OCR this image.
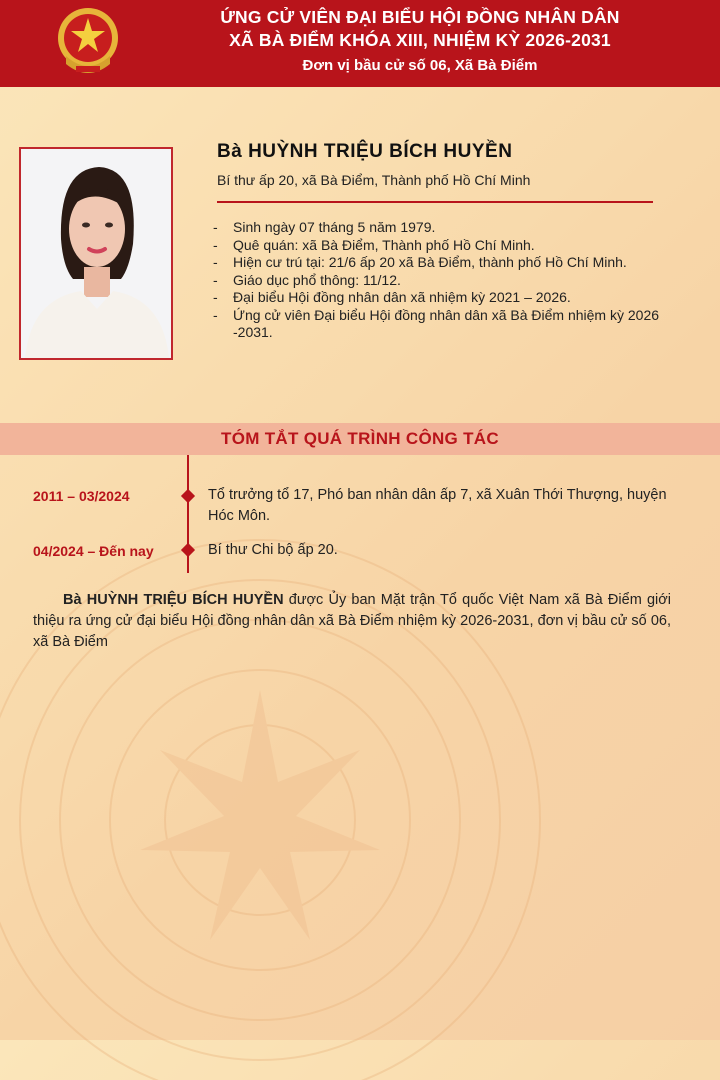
ỨNG CỬ VIÊN ĐẠI BIỂU HỘI ĐỒNG NHÂN DÂN
XÃ BÀ ĐIỂM KHÓA XIII, NHIỆM KỲ 2026-2031
Đơn vị bầu cử số 06, Xã Bà Điểm
Bà HUỲNH TRIỆU BÍCH HUYỀN
Bí thư ấp 20, xã Bà Điểm, Thành phố Hồ Chí Minh
- Sinh ngày 07 tháng 5 năm 1979.
- Quê quán: xã Bà Điểm, Thành phố Hồ Chí Minh.
- Hiện cư trú tại: 21/6 ấp 20 xã Bà Điểm, thành phố Hồ Chí Minh.
- Giáo dục phổ thông: 11/12.
- Đại biểu Hội đồng nhân dân xã nhiệm kỳ 2021 – 2026.
- Ứng cử viên Đại biểu Hội đồng nhân dân xã Bà Điểm nhiệm kỳ 2026 -2031.
TÓM TẮT QUÁ TRÌNH CÔNG TÁC
2011 – 03/2024	Tổ trưởng tổ 17, Phó ban nhân dân ấp 7, xã Xuân Thới Thượng, huyện Hóc Môn.
04/2024 – Đến nay	Bí thư Chi bộ ấp 20.
Bà HUỲNH TRIỆU BÍCH HUYỀN được Ủy ban Mặt trận Tổ quốc Việt Nam xã Bà Điểm giới thiệu ra ứng cử đại biểu Hội đồng nhân dân xã Bà Điểm nhiệm kỳ 2026-2031, đơn vị bầu cử số 06, xã Bà Điểm
